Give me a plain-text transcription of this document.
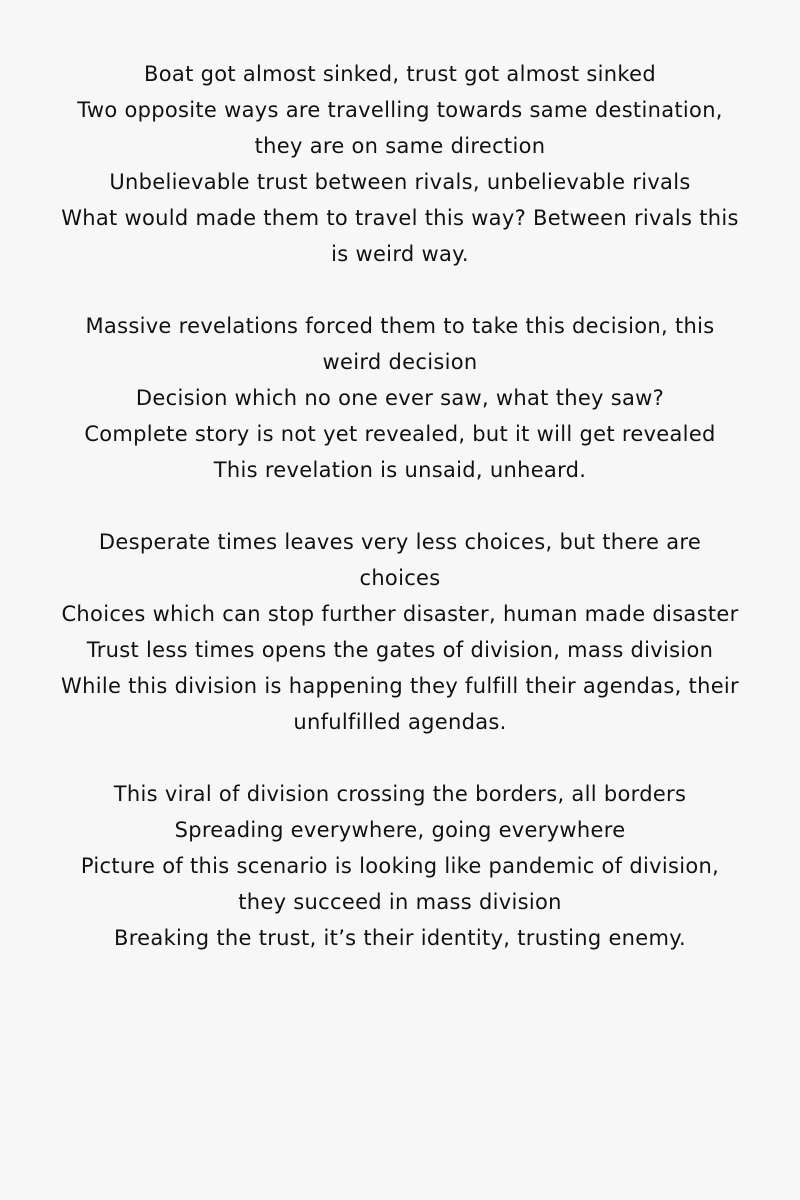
Boat got almost sinked, trust got almost sinked
Two opposite ways are travelling towards same destination, they are on same direction
Unbelievable trust between rivals, unbelievable rivals
What would made them to travel this way? Between rivals this is weird way.
Massive revelations forced them to take this decision, this weird decision
Decision which no one ever saw, what they saw?
Complete story is not yet revealed, but it will get revealed
This revelation is unsaid, unheard.
Desperate times leaves very less choices, but there are choices
Choices which can stop further disaster, human made disaster
Trust less times opens the gates of division, mass division
While this division is happening they fulfill their agendas, their unfulfilled agendas.
This viral of division crossing the borders, all borders
Spreading everywhere, going everywhere
Picture of this scenario is looking like pandemic of division, they succeed in mass division
Breaking the trust, it’s their identity, trusting enemy.
